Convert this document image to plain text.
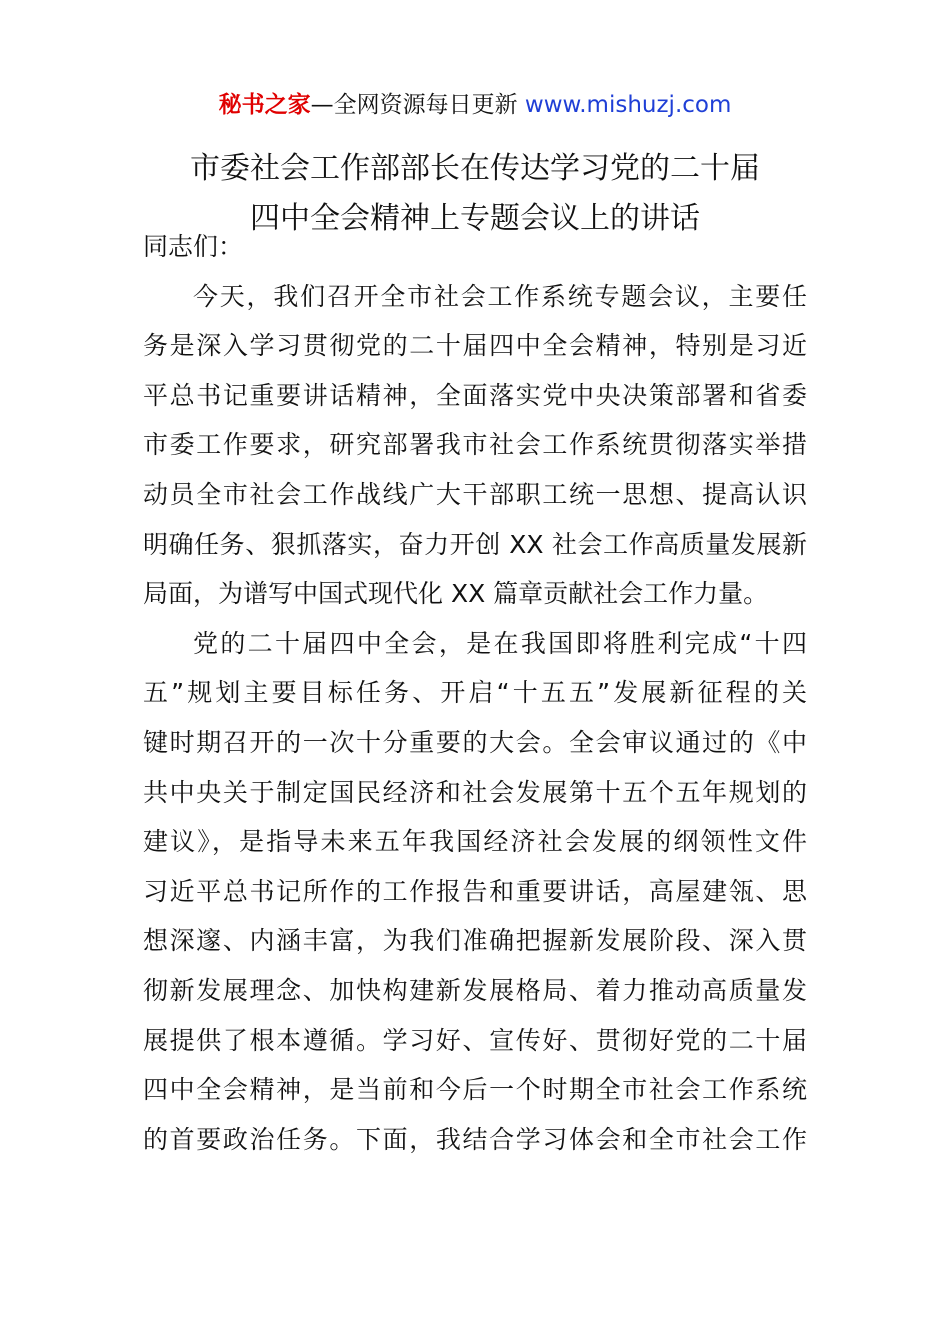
秘书之家—全网资源每日更新 www.mishuzj.com
市委社会工作部部长在传达学习党的二十届
四中全会精神上专题会议上的讲话
同志们：
今天，我们召开全市社会工作系统专题会议，主要任
务是深入学习贯彻党的二十届四中全会精神，特别是习近
平总书记重要讲话精神，全面落实党中央决策部署和省委
市委工作要求，研究部署我市社会工作系统贯彻落实举措
动员全市社会工作战线广大干部职工统一思想、提高认识
明确任务、狠抓落实，奋力开创 XX 社会工作高质量发展新
局面，为谱写中国式现代化 XX 篇章贡献社会工作力量。
党的二十届四中全会，是在我国即将胜利完成“十四
五”规划主要目标任务、开启“十五五”发展新征程的关
键时期召开的一次十分重要的大会。全会审议通过的《中
共中央关于制定国民经济和社会发展第十五个五年规划的
建议》，是指导未来五年我国经济社会发展的纲领性文件
习近平总书记所作的工作报告和重要讲话，高屋建瓴、思
想深邃、内涵丰富，为我们准确把握新发展阶段、深入贯
彻新发展理念、加快构建新发展格局、着力推动高质量发
展提供了根本遵循。学习好、宣传好、贯彻好党的二十届
四中全会精神，是当前和今后一个时期全市社会工作系统
的首要政治任务。下面，我结合学习体会和全市社会工作
